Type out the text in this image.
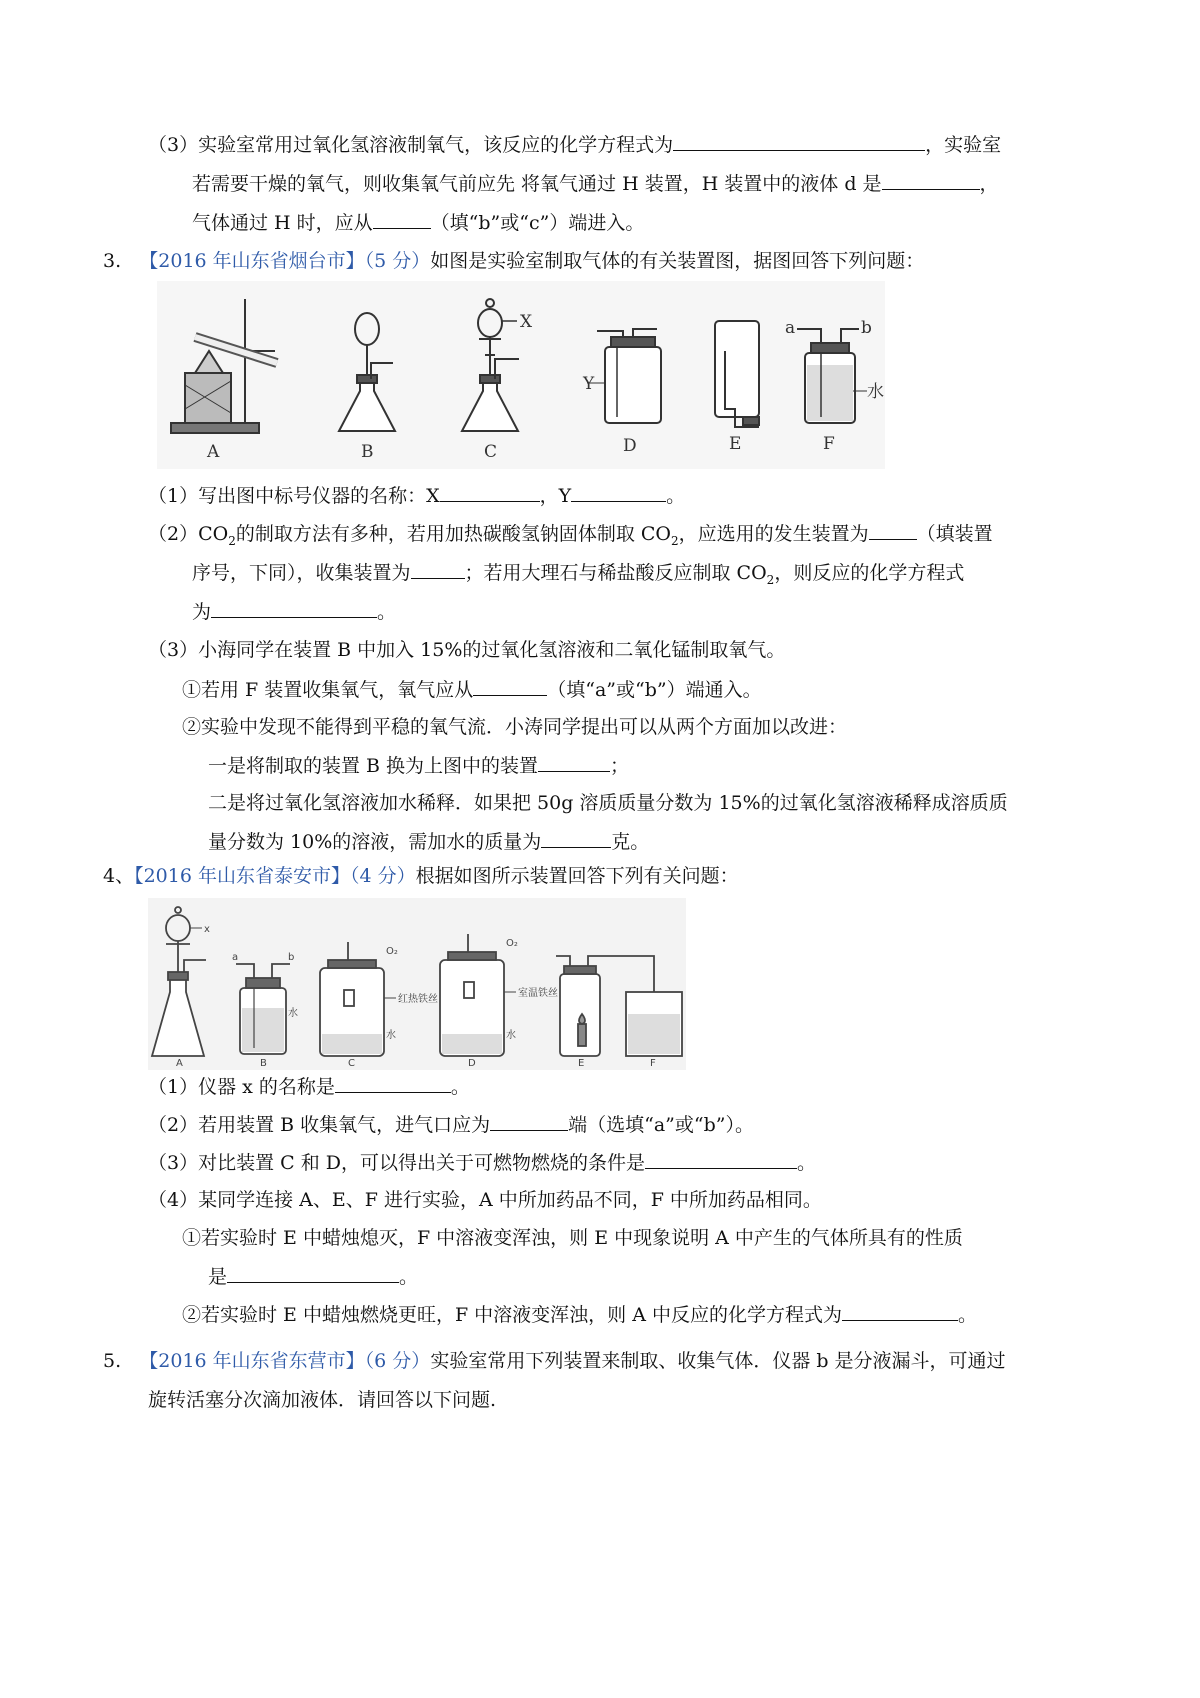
（3）实验室常用过氧化氢溶液制氧气，该反应的化学方程式为	，实验室
若需要干燥的氧气，则收集氧气前应先 将氧气通过 H 装置，H 装置中的液体 d 是	，
气体通过 H 时，应从	（填“b”或“c”）端进入。
3. 【2016 年山东省烟台市】（5 分）如图是实验室制取气体的有关装置图，据图回答下列问题：
A	B	C	D	E	F
X
Y
a	b
水
（1）写出图中标号仪器的名称：X	，Y	。
$(2)CO_2$的制取方法有多种，若用加热碳酸氢钠固体制取 $CO_2$，应选用的发生装置为	（填装置
序号，下同），收集装置为	；若用大理石与稀盐酸反应制取 $CO_2$，则反应的化学方程式
为	。
（3）小海同学在装置 B 中加入 15%的过氧化氢溶液和二氧化锰制取氧气。
①若用 F 装置收集氧气，氧气应从	（填“a”或“b”）端通入。
②实验中发现不能得到平稳的氧气流．小涛同学提出可以从两个方面加以改进：
一是将制取的装置 B 换为上图中的装置	；
二是将过氧化氢溶液加水稀释．如果把 50g 溶质质量分数为 15%的过氧化氢溶液稀释成溶质质
量分数为 10%的溶液，需加水的质量为	克。
4、【2016 年山东省泰安市】（4 分）根据如图所示装置回答下列有关问题：
A	B	C	D	E	F
x
a	b
水
O₂
红热铁丝
水
O₂
室温铁丝
水
（1）仪器 x 的名称是	。
（2）若用装置 B 收集氧气，进气口应为	端（选填“a”或“b”）。
（3）对比装置 C 和 D，可以得出关于可燃物燃烧的条件是	。
（4）某同学连接 A、E、F 进行实验，A 中所加药品不同，F 中所加药品相同。
①若实验时 E 中蜡烛熄灭，F 中溶液变浑浊，则 E 中现象说明 A 中产生的气体所具有的性质
是	。
②若实验时 E 中蜡烛燃烧更旺，F 中溶液变浑浊，则 A 中反应的化学方程式为	。
5. 【2016 年山东省东营市】（6 分）实验室常用下列装置来制取、收集气体．仪器 b 是分液漏斗，可通过
旋转活塞分次滴加液体．请回答以下问题.
